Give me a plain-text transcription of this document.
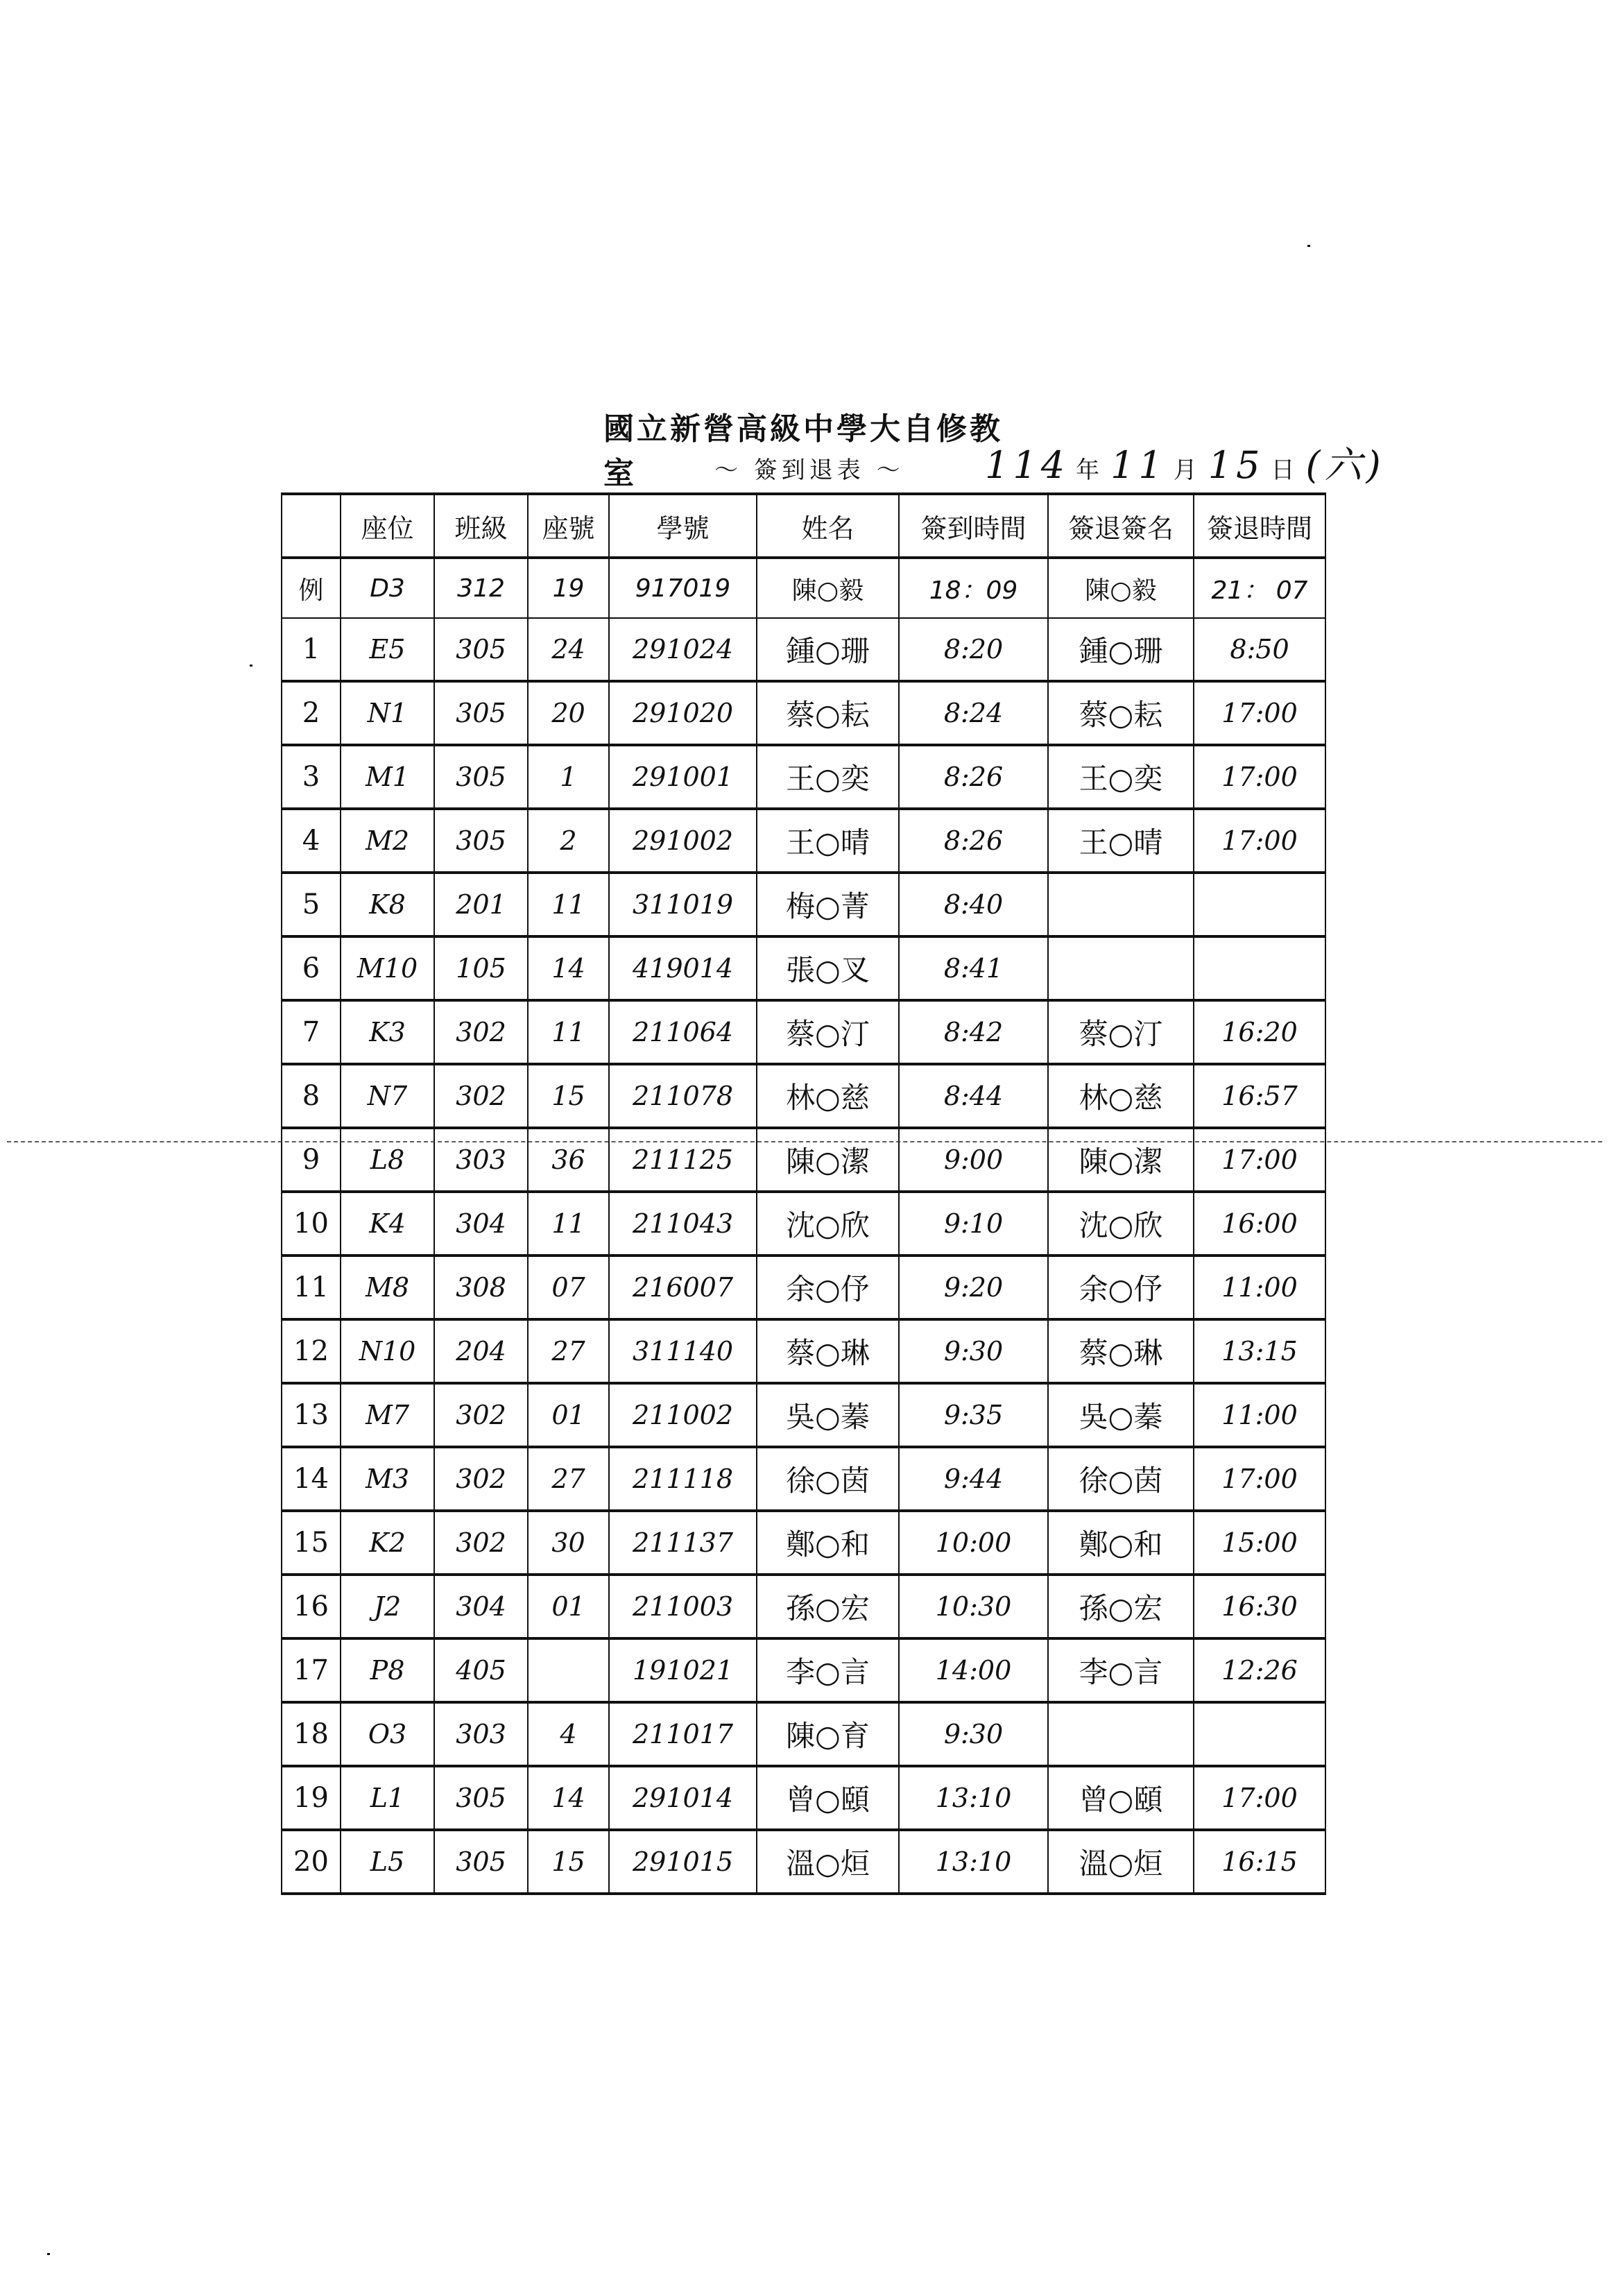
國立新營高級中學大自修教室	～ 簽到退表 ～ 114 年 11 月 15 日 (六)
	座位	班級	座號	學號	姓名	簽到時間	簽退簽名	簽退時間
例	D3	312	19	917019	陳○毅	18：09	陳○毅	21： 07
1	E5	305	24	291024	鍾○珊	8:20	鍾○珊	8:50
2	N1	305	20	291020	蔡○耘	8:24	蔡○耘	17:00
3	M1	305	1	291001	王○奕	8:26	王○奕	17:00
4	M2	305	2	291002	王○晴	8:26	王○晴	17:00
5	K8	201	11	311019	梅○菁	8:40		
6	M10	105	14	419014	張○叉	8:41		
7	K3	302	11	211064	蔡○汀	8:42	蔡○汀	16:20
8	N7	302	15	211078	林○慈	8:44	林○慈	16:57
9	L8	303	36	211125	陳○潔	9:00	陳○潔	17:00
10	K4	304	11	211043	沈○欣	9:10	沈○欣	16:00
11	M8	308	07	216007	余○伃	9:20	余○伃	11:00
12	N10	204	27	311140	蔡○琳	9:30	蔡○琳	13:15
13	M7	302	01	211002	吳○蓁	9:35	吳○蓁	11:00
14	M3	302	27	211118	徐○茵	9:44	徐○茵	17:00
15	K2	302	30	211137	鄭○和	10:00	鄭○和	15:00
16	J2	304	01	211003	孫○宏	10:30	孫○宏	16:30
17	P8	405		191021	李○言	14:00	李○言	12:26
18	O3	303	4	211017	陳○育	9:30		
19	L1	305	14	291014	曾○頤	13:10	曾○頤	17:00
20	L5	305	15	291015	溫○烜	13:10	溫○烜	16:15
